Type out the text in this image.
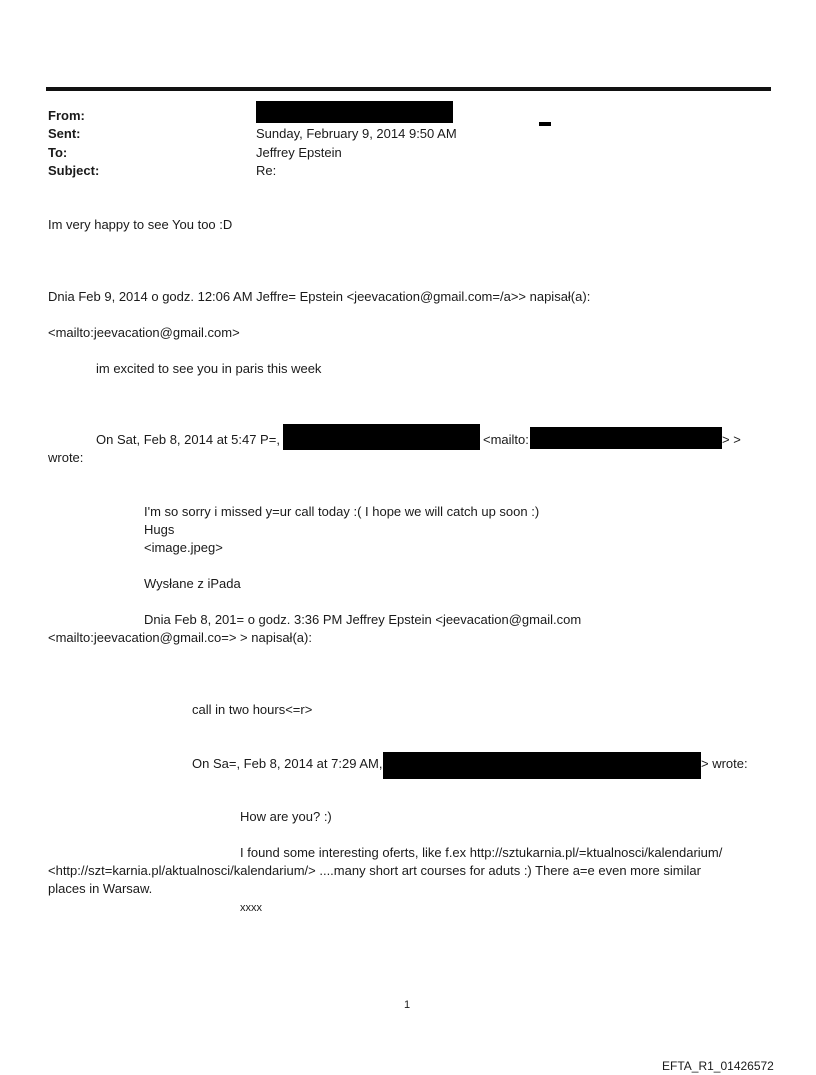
From:
Sent:	Sunday, February 9, 2014 9:50 AM
To:	Jeffrey Epstein
Subject:	Re:
Im very happy to see You too :D
Dnia Feb 9, 2014 o godz. 12:06 AM Jeffre= Epstein <jeevacation@gmail.com=/a>> napisał(a):
<mailto:jeevacation@gmail.com>
im excited to see you in paris this week
On Sat, Feb 8, 2014 at 5:47 P=,	<mailto:	> >
wrote:
I'm so sorry i missed y=ur call today :( I hope we will catch up soon :)
Hugs
<image.jpeg>
Wysłane z iPada
Dnia Feb 8, 201= o godz. 3:36 PM Jeffrey Epstein <jeevacation@gmail.com
<mailto:jeevacation@gmail.co=> > napisał(a):
call in two hours<=r>
On Sa=, Feb 8, 2014 at 7:29 AM,	> wrote:
How are you? :)
I found some interesting oferts, like f.ex http://sztukarnia.pl/=ktualnosci/kalendarium/
<http://szt=karnia.pl/aktualnosci/kalendarium/> ....many short art courses for aduts :) There a=e even more similar
places in Warsaw.
xxxx
1
EFTA_R1_01426572
